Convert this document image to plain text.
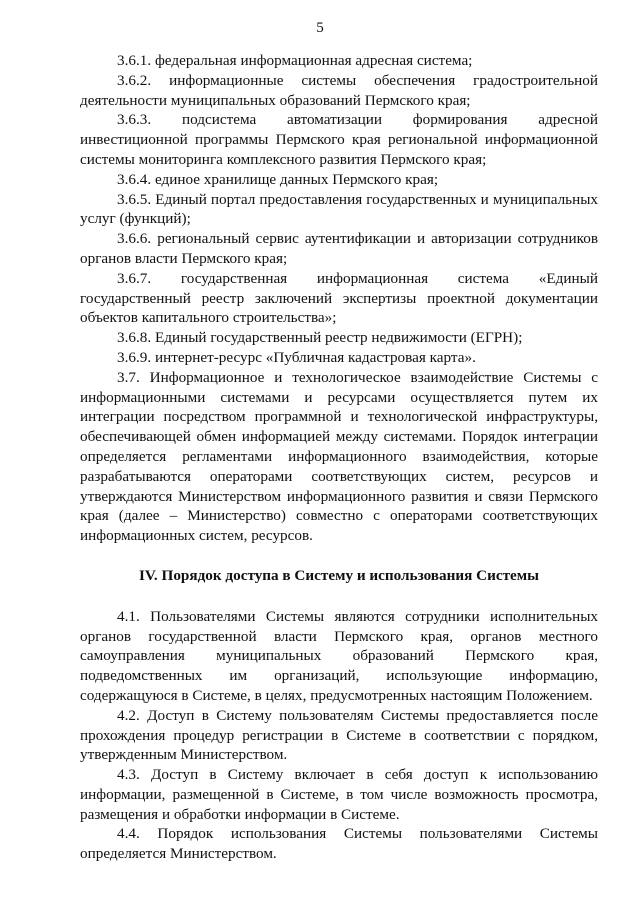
5

3.6.1. федеральная информационная адресная система;

3.6.2. информационные системы обеспечения градостроительной деятельности муниципальных образований Пермского края;

3.6.3. подсистема автоматизации формирования адресной инвестиционной программы Пермского края региональной информационной системы мониторинга комплексного развития Пермского края;

3.6.4. единое хранилище данных Пермского края;

3.6.5. Единый портал предоставления государственных и муниципальных услуг (функций);

3.6.6. региональный сервис аутентификации и авторизации сотрудников органов власти Пермского края;

3.6.7. государственная информационная система «Единый государственный реестр заключений экспертизы проектной документации объектов капитального строительства»;

3.6.8. Единый государственный реестр недвижимости (ЕГРН);

3.6.9. интернет-ресурс «Публичная кадастровая карта».

3.7. Информационное и технологическое взаимодействие Системы с информационными системами и ресурсами осуществляется путем их интеграции посредством программной и технологической инфраструктуры, обеспечивающей обмен информацией между системами. Порядок интеграции определяется регламентами информационного взаимодействия, которые разрабатываются операторами соответствующих систем, ресурсов и утверждаются Министерством информационного развития и связи Пермского края (далее – Министерство) совместно с операторами соответствующих информационных систем, ресурсов.

IV. Порядок доступа в Систему и использования Системы

4.1. Пользователями Системы являются сотрудники исполнительных органов государственной власти Пермского края, органов местного самоуправления муниципальных образований Пермского края, подведомственных им организаций, использующие информацию, содержащуюся в Системе, в целях, предусмотренных настоящим Положением.

4.2. Доступ в Систему пользователям Системы предоставляется после прохождения процедур регистрации в Системе в соответствии с порядком, утвержденным Министерством.

4.3. Доступ в Систему включает в себя доступ к использованию информации, размещенной в Системе, в том числе возможность просмотра, размещения и обработки информации в Системе.

4.4. Порядок использования Системы пользователями Системы определяется Министерством.
